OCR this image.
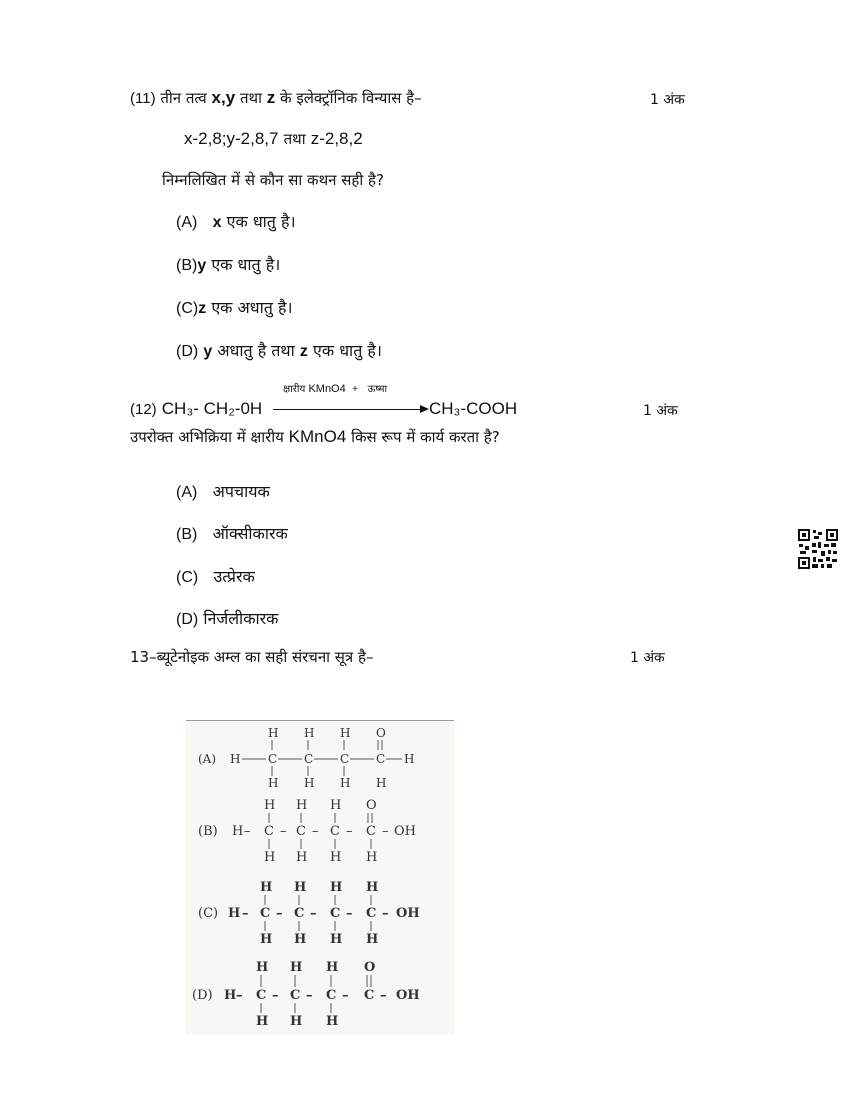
(11) तीन तत्व x,y तथा z के इलेक्ट्रॉनिक विन्यास है–	1 अंक
x-2,8;y-2,8,7 तथा z-2,8,2
निम्नलिखित में से कौन सा कथन सही है?
(A) x एक धातु है।
(B)y एक धातु है।
(C)z एक अधातु है।
(D) y अधातु है तथा z एक धातु है।
क्षारीय KMnO4 + ऊष्मा
(12) CH₃- CH₂-0H	CH₃-COOH	1 अंक
उपरोक्त अभिक्रिया में क्षारीय KMnO4 किस रूप में कार्य करता है?
(A) अपचायक
(B) ऑक्सीकारक
(C) उत्प्रेरक
(D) निर्जलीकारक
13–ब्यूटेनोइक अम्ल का सही संरचना सूत्र है–	1 अंक
(A) H C C C C H
H H H O
H H H H
(B) H – C – C – C – C – OH
H H H O
H H H H
(C) H – C – C – C – C – OH
H H H H
H H H H
(D) H – C – C – C – C – OH
H H H O
H H H
